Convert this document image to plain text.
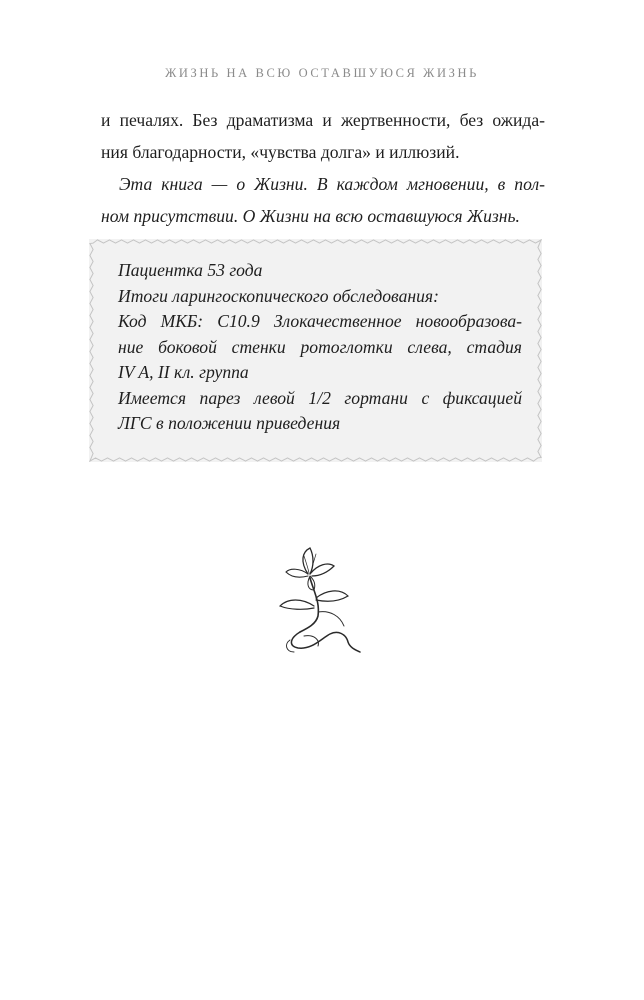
ЖИЗНЬ НА ВСЮ ОСТАВШУЮСЯ ЖИЗНЬ

и печалях. Без драматизма и жертвенности, без ожида-
ния благодарности, «чувства долга» и иллюзий.

Эта книга — о Жизни. В каждом мгновении, в пол-
ном присутствии. О Жизни на всю оставшуюся Жизнь.

Пациентка 53 года
Итоги ларингоскопического обследования:
Код МКБ: C10.9 Злокачественное новообразова-
ние боковой стенки ротоглотки слева, стадия
IV A, II кл. группа
Имеется парез левой 1/2 гортани с фиксацией
ЛГС в положении приведения
